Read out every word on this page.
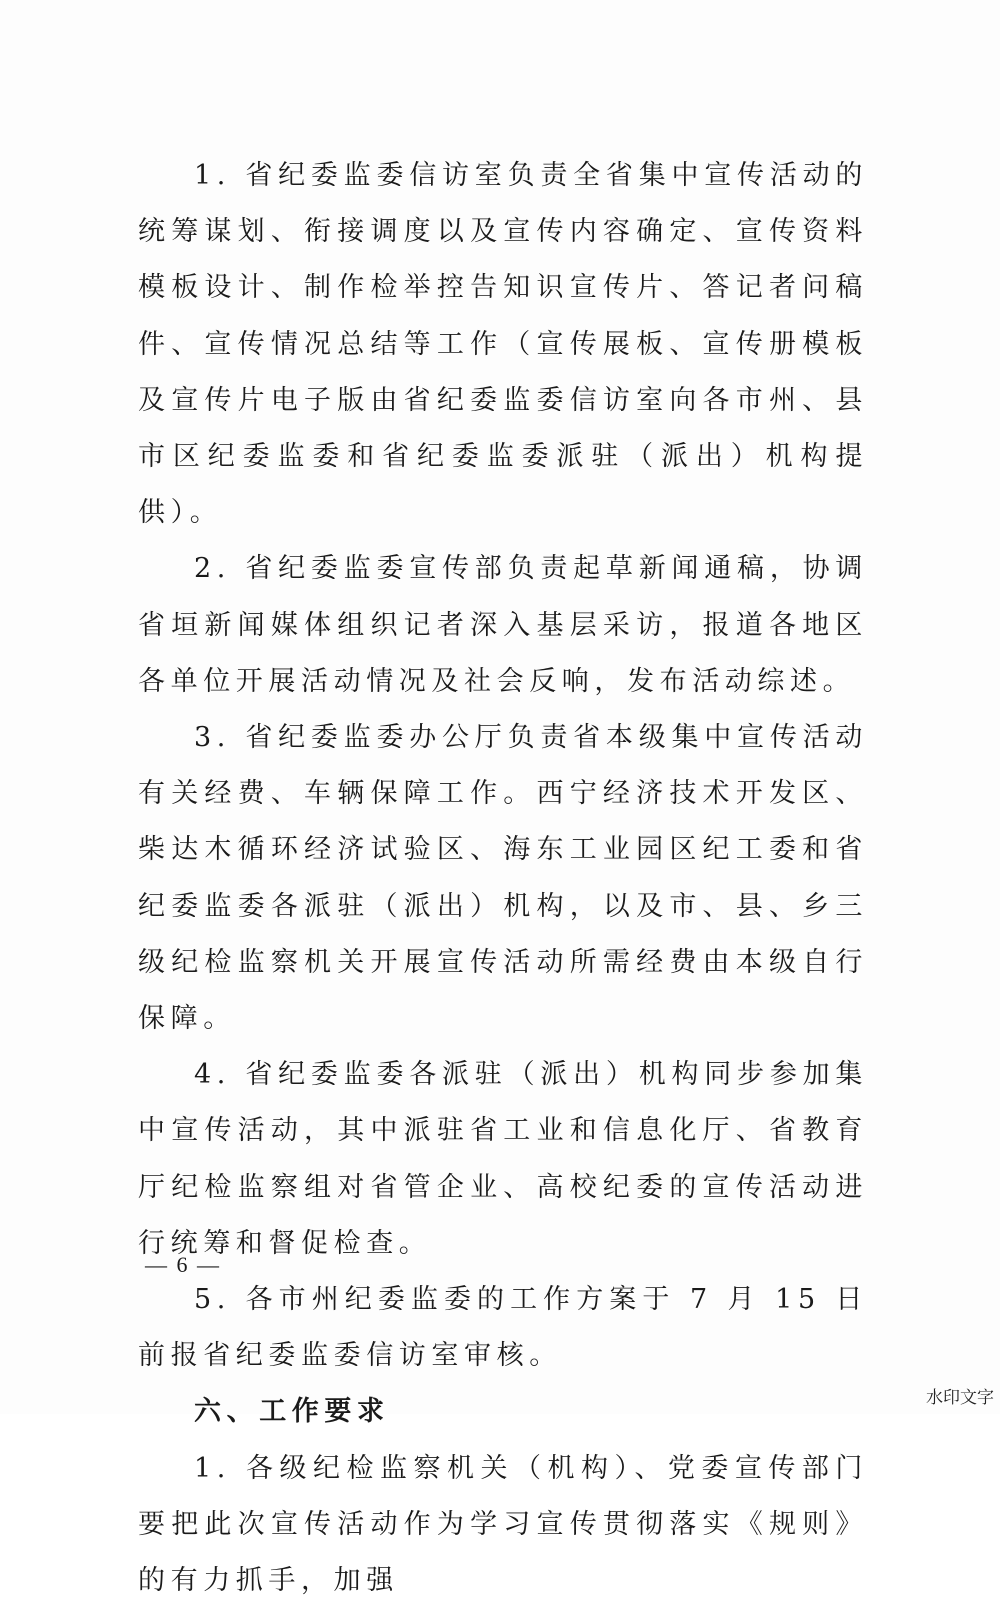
1. 省纪委监委信访室负责全省集中宣传活动的统筹谋划、衔接调度以及宣传内容确定、宣传资料模板设计、制作检举控告知识宣传片、答记者问稿件、宣传情况总结等工作（宣传展板、宣传册模板及宣传片电子版由省纪委监委信访室向各市州、县市区纪委监委和省纪委监委派驻（派出）机构提供）。

2. 省纪委监委宣传部负责起草新闻通稿，协调省垣新闻媒体组织记者深入基层采访，报道各地区各单位开展活动情况及社会反响，发布活动综述。

3. 省纪委监委办公厅负责省本级集中宣传活动有关经费、车辆保障工作。西宁经济技术开发区、柴达木循环经济试验区、海东工业园区纪工委和省纪委监委各派驻（派出）机构，以及市、县、乡三级纪检监察机关开展宣传活动所需经费由本级自行保障。

4. 省纪委监委各派驻（派出）机构同步参加集中宣传活动，其中派驻省工业和信息化厅、省教育厅纪检监察组对省管企业、高校纪委的宣传活动进行统筹和督促检查。

5. 各市州纪委监委的工作方案于 7 月 15 日前报省纪委监委信访室审核。

六、工作要求

1. 各级纪检监察机关（机构）、党委宣传部门要把此次宣传活动作为学习宣传贯彻落实《规则》的有力抓手，加强

— 6 —
水印文字
